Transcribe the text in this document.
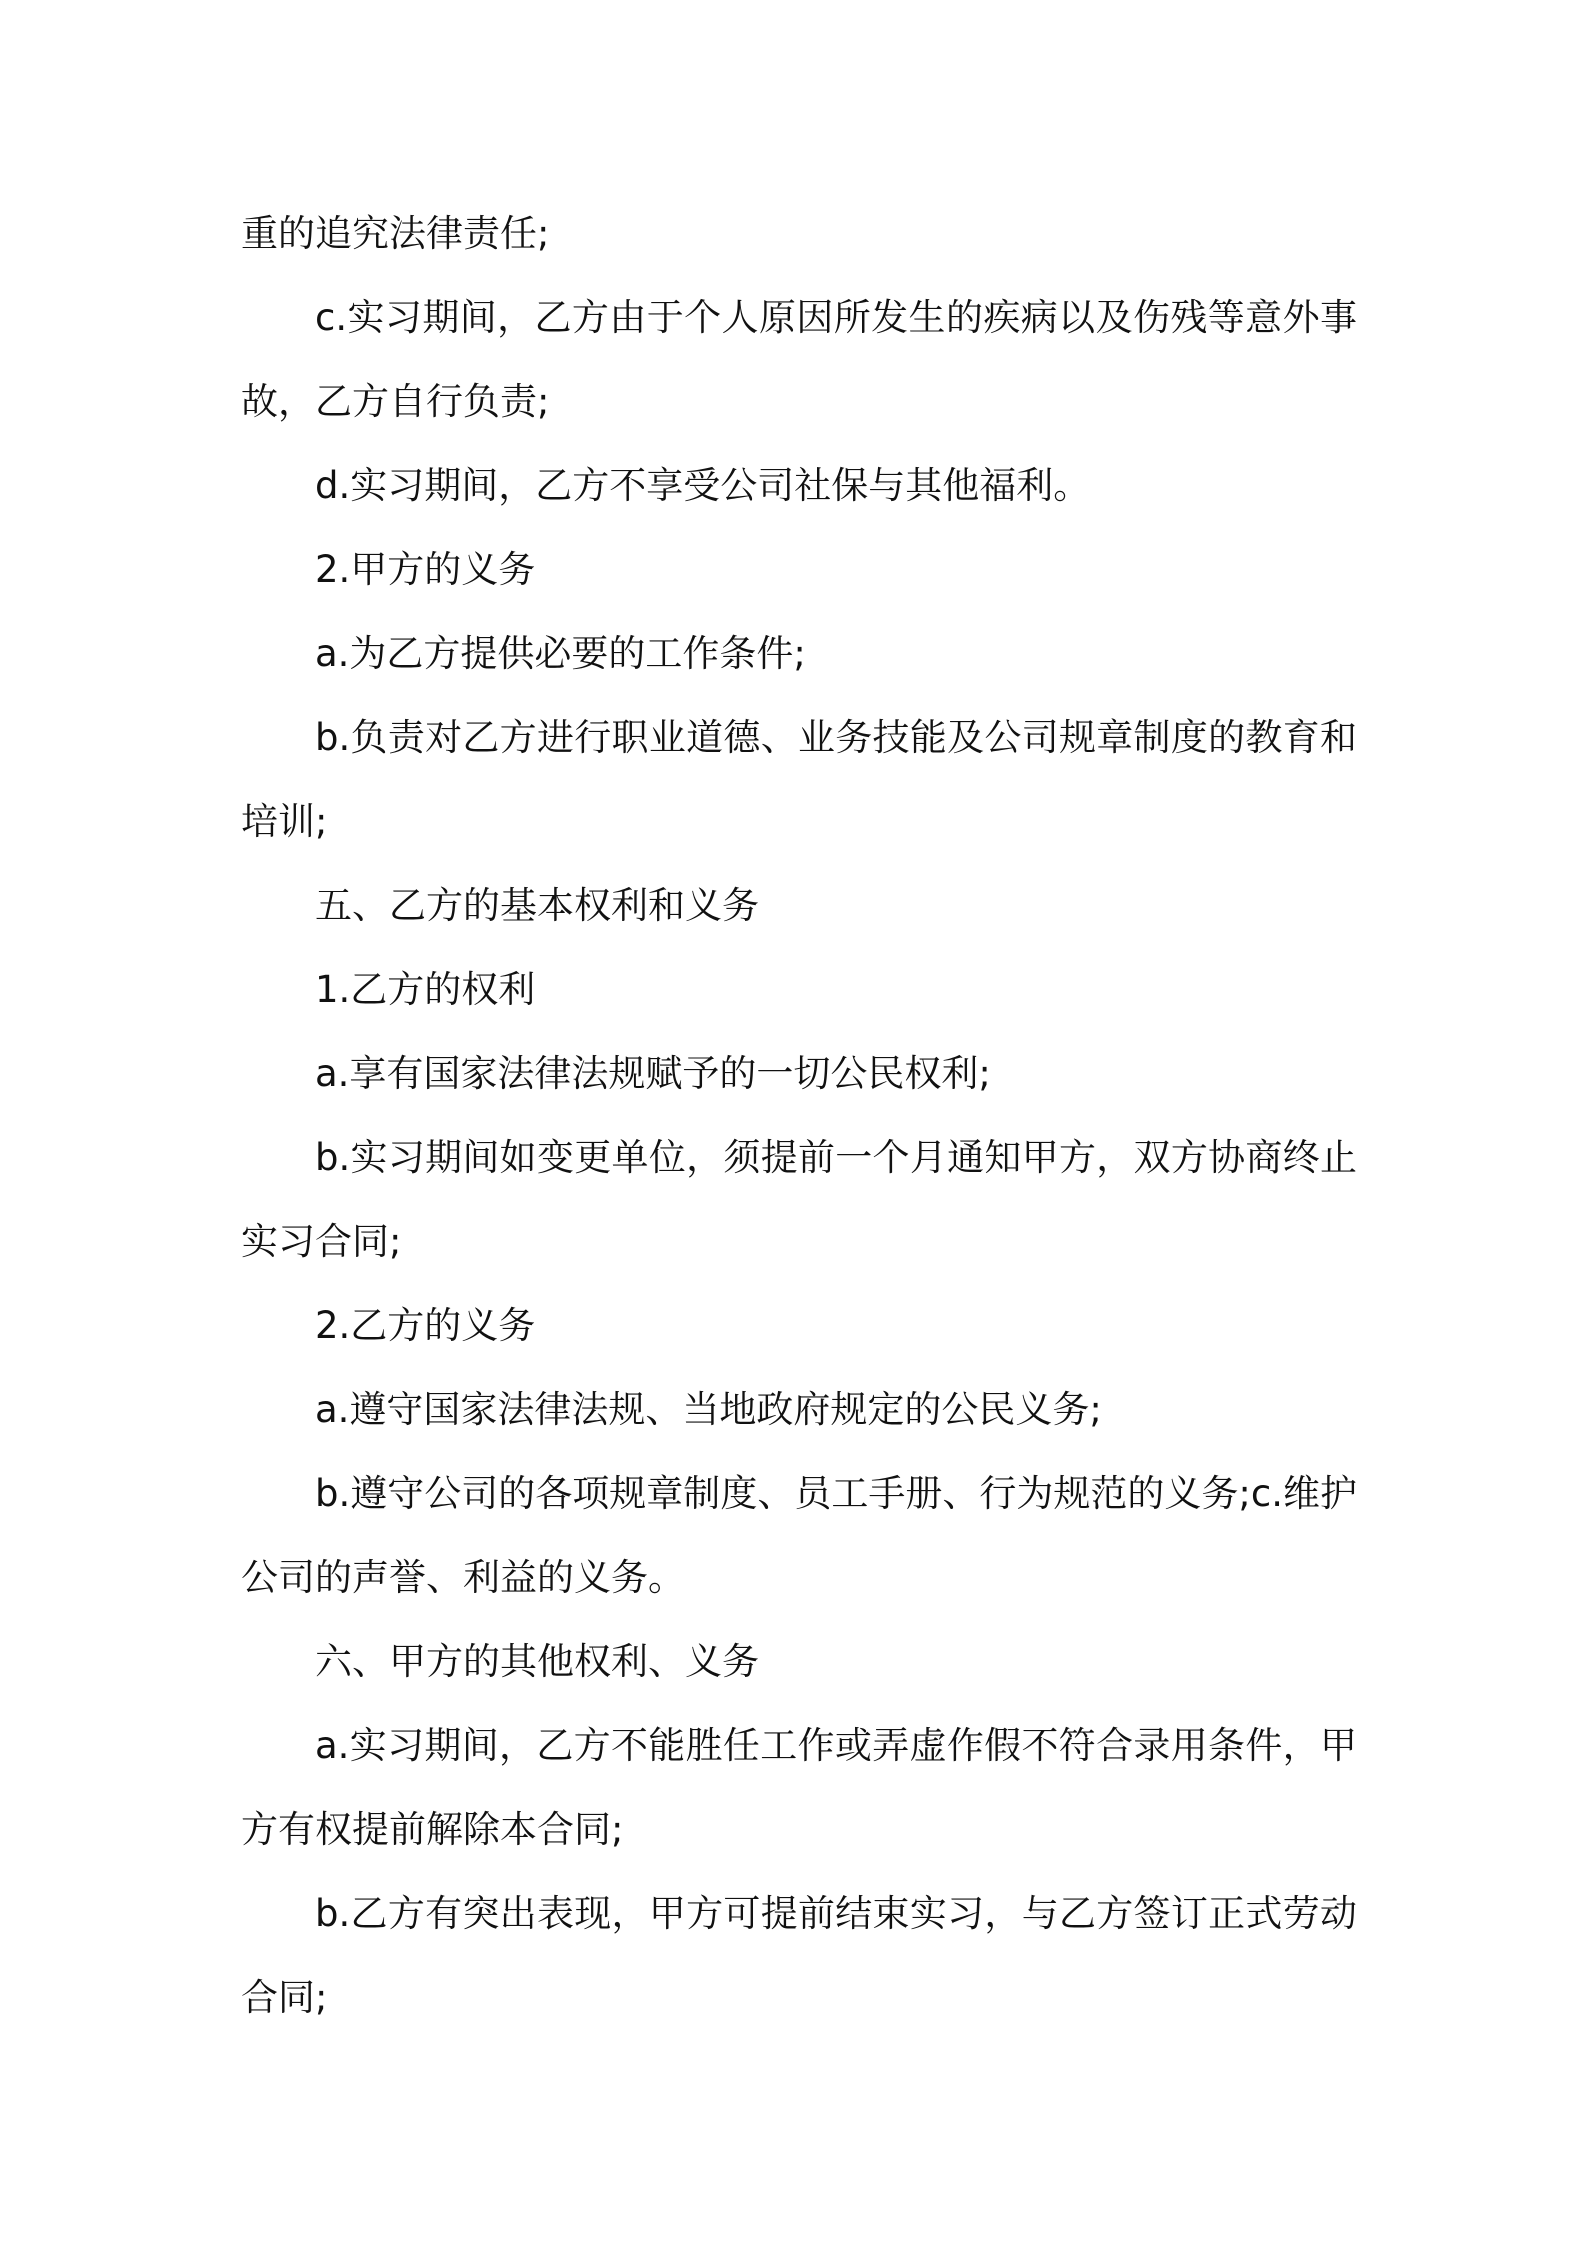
重的追究法律责任;

c.实习期间，乙方由于个人原因所发生的疾病以及伤残等意外事故，乙方自行负责;

d.实习期间，乙方不享受公司社保与其他福利。

2.甲方的义务

a.为乙方提供必要的工作条件;

b.负责对乙方进行职业道德、业务技能及公司规章制度的教育和培训;

五、乙方的基本权利和义务

1.乙方的权利

a.享有国家法律法规赋予的一切公民权利;

b.实习期间如变更单位，须提前一个月通知甲方，双方协商终止实习合同;

2.乙方的义务

a.遵守国家法律法规、当地政府规定的公民义务;

b.遵守公司的各项规章制度、员工手册、行为规范的义务;c.维护公司的声誉、利益的义务。

六、甲方的其他权利、义务

a.实习期间，乙方不能胜任工作或弄虚作假不符合录用条件，甲方有权提前解除本合同;

b.乙方有突出表现，甲方可提前结束实习，与乙方签订正式劳动合同;
